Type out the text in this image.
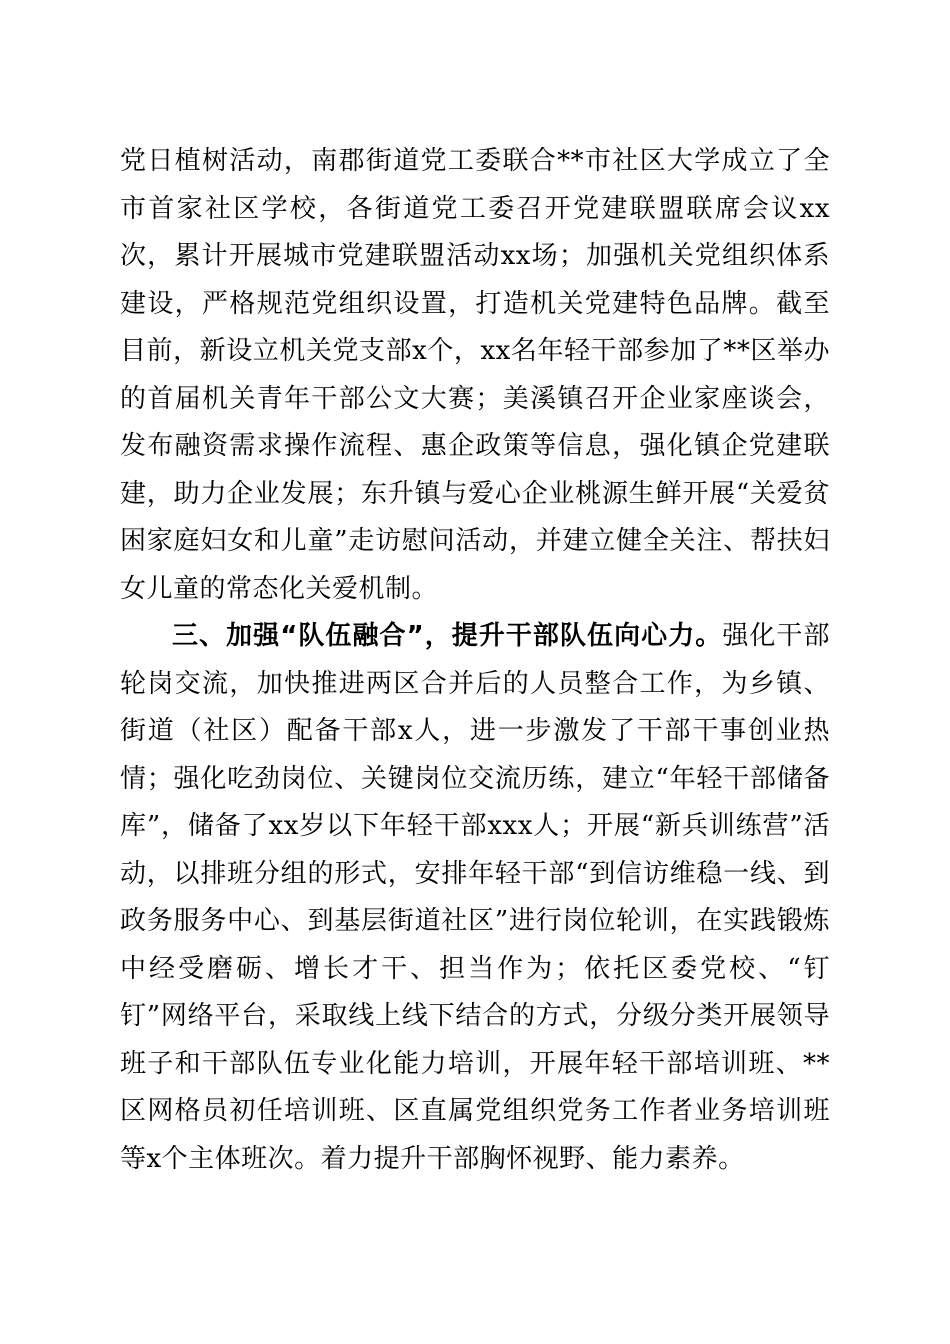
党日植树活动，南郡街道党工委联合**市社区大学成立了全市首家社区学校，各街道党工委召开党建联盟联席会议xx次，累计开展城市党建联盟活动xx场；加强机关党组织体系建设，严格规范党组织设置，打造机关党建特色品牌。截至目前，新设立机关党支部x个，xx名年轻干部参加了**区举办的首届机关青年干部公文大赛；美溪镇召开企业家座谈会，发布融资需求操作流程、惠企政策等信息，强化镇企党建联建，助力企业发展；东升镇与爱心企业桃源生鲜开展“关爱贫困家庭妇女和儿童”走访慰问活动，并建立健全关注、帮扶妇女儿童的常态化关爱机制。

三、加强“队伍融合”，提升干部队伍向心力。强化干部轮岗交流，加快推进两区合并后的人员整合工作，为乡镇、街道（社区）配备干部x人，进一步激发了干部干事创业热情；强化吃劲岗位、关键岗位交流历练，建立“年轻干部储备库”，储备了xx岁以下年轻干部xxx人；开展“新兵训练营”活动，以排班分组的形式，安排年轻干部“到信访维稳一线、到政务服务中心、到基层街道社区”进行岗位轮训，在实践锻炼中经受磨砺、增长才干、担当作为；依托区委党校、“钉钉”网络平台，采取线上线下结合的方式，分级分类开展领导班子和干部队伍专业化能力培训，开展年轻干部培训班、**区网格员初任培训班、区直属党组织党务工作者业务培训班等x个主体班次。着力提升干部胸怀视野、能力素养。
